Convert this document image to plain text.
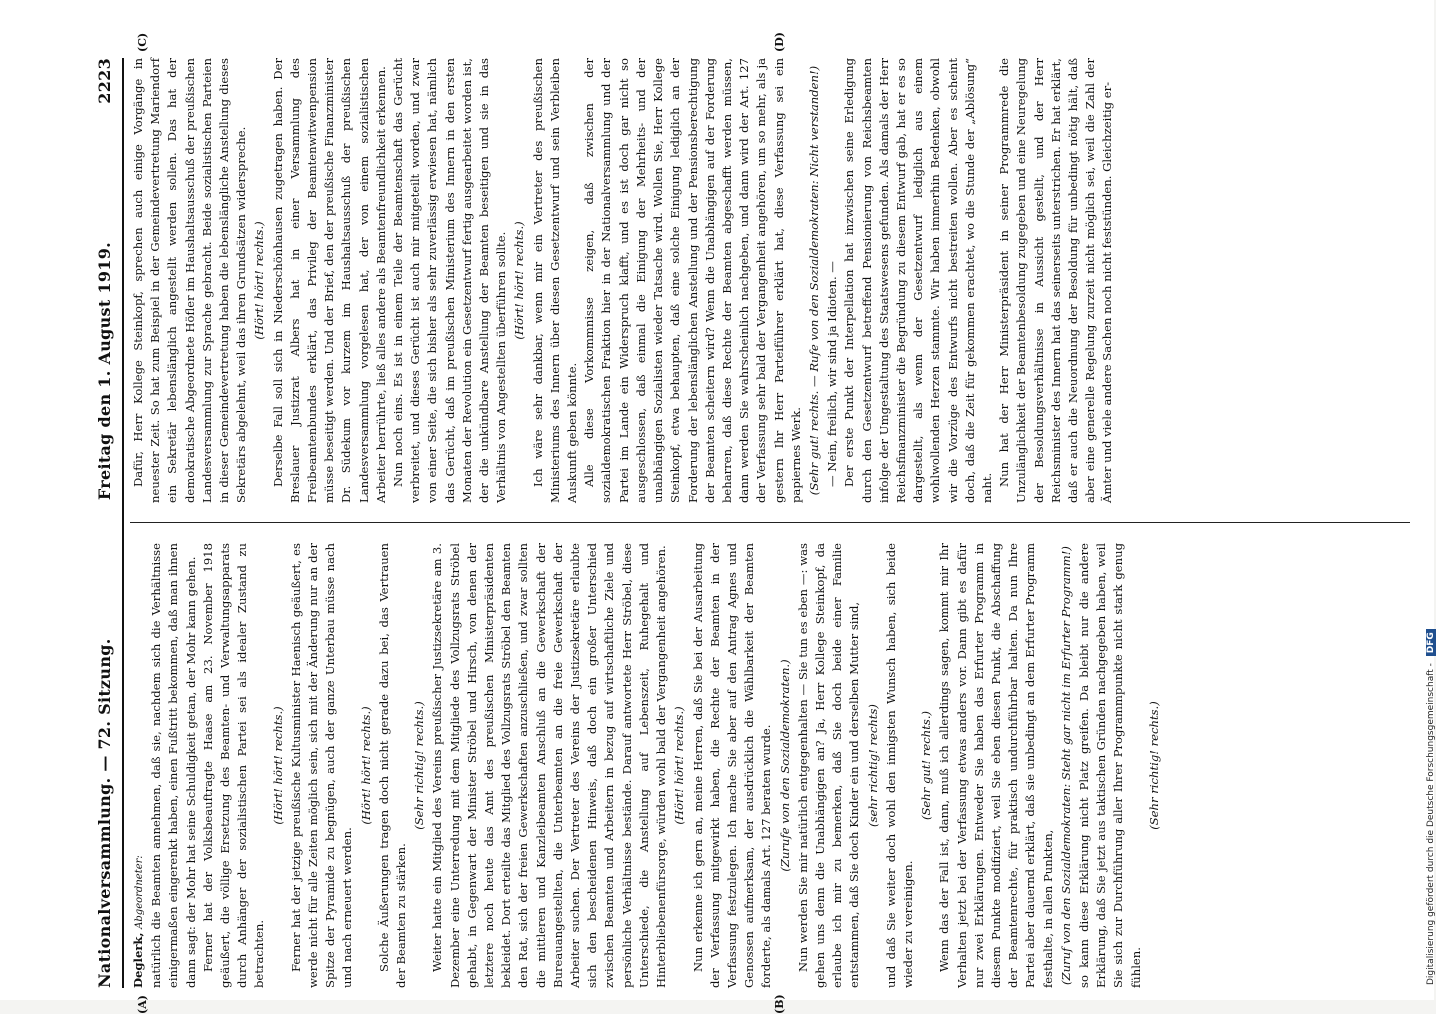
Nationalversammlung. — 72. Sitzung.
Freitag den 1. August 1919.
2223

Deglerk, Abgeordneter: natürlich die Beamten annehmen, daß sie, nachdem sich die Verhältnisse einigermaßen eingerenkt haben, einen Fußtritt bekommen, daß man ihnen dann sagt: der Mohr hat seine Schuldigkeit getan, der Mohr kann gehen. Ferner hat der Volksbeauftragte Haase am 23. November 1918 geäußert, die völlige Ersetzung des Beamten- und Verwaltungsapparats durch Anhänger der sozialistischen Partei sei als idealer Zustand zu betrachten.

(Hört! hört! rechts.) Ferner hat der jetzige preußische Kultusminister Haenisch geäußert, es werde nicht für alle Zeiten möglich sein, sich mit der Änderung nur an der Spitze der Pyramide zu begnügen, auch der ganze Unterbau müsse nach und nach erneuert werden.

(Hört! hört! rechts.) Solche Äußerungen tragen doch nicht gerade dazu bei, das Vertrauen der Beamten zu stärken.

(Sehr richtig! rechts.) Weiter hatte ein Mitglied des Vereins preußischer Justizsekretäre am 3. Dezember eine Unterredung mit dem Mitgliede des Vollzugsrats Ströbel gehabt, in Gegenwart der Minister Ströbel und Hirsch, von denen der letztere noch heute das Amt des preußischen Ministerpräsidenten bekleidet. Dort erteilte das Mitglied des Vollzugsrats Ströbel den Beamten den Rat, sich der freien Gewerkschaften anzuschließen, und zwar sollten die mittleren und Kanzleibeamten Anschluß an die Gewerkschaft der Bureauangestellten, die Unterbeamten an die freie Gewerkschaft der Arbeiter suchen. Der Vertreter des Vereins der Justizsekretäre erlaubte sich den bescheidenen Hinweis, daß doch ein großer Unterschied zwischen Beamten und Arbeitern in bezug auf wirtschaftliche Ziele und persönliche Verhältnisse bestände. Darauf antwortete Herr Ströbel, diese Unterschiede, die Anstellung auf Lebenszeit, Ruhegehalt und Hinterbliebenenfürsorge, würden wohl bald der Vergangenheit angehören. (Hört! hört! rechts.) Nun erkenne ich gern an, meine Herren, daß Sie bei der Ausarbeitung der Verfassung mitgewirkt haben, die Rechte der Beamten in der Verfassung festzulegen. Ich mache Sie aber auf den Antrag Agnes und Genossen aufmerksam, der ausdrücklich die Wählbarkeit der Beamten forderte, als damals Art. 127 beraten wurde. (Zurufe von den Sozialdemokraten.) Nun werden Sie mir natürlich entgegenhalten — Sie tun es eben —: was gehen uns denn die Unabhängigen an? Ja, Herr Kollege Steinkopf, da erlaube ich mir zu bemerken, daß Sie doch beide einer Familie entstammen, daß Sie doch Kinder ein und derselben Mutter sind, (sehr richtig! rechts) und daß Sie weiter doch wohl den innigsten Wunsch haben, sich beide wieder zu vereinigen.

(Sehr gut! rechts.) Wenn das der Fall ist, dann, muß ich allerdings sagen, kommt mir Ihr Verhalten jetzt bei der Verfassung etwas anders vor. Dann gibt es dafür nur zwei Erklärungen. Entweder Sie haben das Erfurter Programm in diesem Punkte modifiziert, weil Sie eben diesen Punkt, die Abschaffung der Beamtenrechte, für praktisch undurchführbar halten. Da nun Ihre Partei aber dauernd erklärt, daß sie unbedingt an dem Erfurter Programm festhalte, in allen Punkten, (Zuruf von den Sozialdemokraten: Steht gar nicht im Erfurter Programm!) so kann diese Erklärung nicht Platz greifen. Da bleibt nur die andere Erklärung, daß Sie jetzt aus taktischen Gründen nachgegeben haben, weil Sie sich zur Durchführung aller Ihrer Programmpunkte nicht stark genug fühlen.

(Sehr richtig! rechts.)

Dafür, Herr Kollege Steinkopf, sprechen auch einige Vorgänge in neuester Zeit. So hat zum Beispiel in der Gemeindevertretung Mariendorf ein Sekretär lebenslänglich angestellt werden sollen. Das hat der demokratische Abgeordnete Höfler im Haushaltsausschuß der preußischen Landesversammlung zur Sprache gebracht. Beide sozialistischen Parteien in dieser Gemeindevertretung haben die lebenslängliche Anstellung dieses Sekretärs abgelehnt, weil das ihren Grundsätzen widerspreche. (Hört! hört! rechts.) Derselbe Fall soll sich in Niederschönhausen zugetragen haben. Der Breslauer Justizrat Albers hat in einer Versammlung des Freibeamtenbundes erklärt, das Privileg der Beamtenwitwenpension müsse beseitigt werden. Und der Brief, den der preußische Finanzminister Dr. Südekum vor kurzem im Haushaltsausschuß der preußischen Landesversammlung vorgelesen hat, der von einem sozialistischen Arbeiter herrührte, ließ alles andere als Beamtenfreundlichkeit erkennen. Nun noch eins. Es ist in einem Teile der Beamtenschaft das Gerücht verbreitet, und dieses Gerücht ist auch mir mitgeteilt worden, und zwar von einer Seite, die sich bisher als sehr zuverlässig erwiesen hat, nämlich das Gerücht, daß im preußischen Ministerium des Innern in den ersten Monaten der Revolution ein Gesetzentwurf fertig ausgearbeitet worden ist, der die unkündbare Anstellung der Beamten beseitigen und sie in das Verhältnis von Angestellten überführen sollte. (Hört! hört! rechts.) Ich wäre sehr dankbar, wenn mir ein Vertreter des preußischen Ministeriums des Innern über diesen Gesetzentwurf und sein Verbleiben Auskunft geben könnte. Alle diese Vorkommnisse zeigen, daß zwischen der sozialdemokratischen Fraktion hier in der Nationalversammlung und der Partei im Lande ein Widerspruch klafft, und es ist doch gar nicht so ausgeschlossen, daß einmal die Einigung der Mehrheits- und der unabhängigen Sozialisten wieder Tatsache wird. Wollen Sie, Herr Kollege Steinkopf, etwa behaupten, daß eine solche Einigung lediglich an der Forderung der lebenslänglichen Anstellung und der Pensionsberechtigung der Beamten scheitern wird? Wenn die Unabhängigen auf der Forderung beharren, daß diese Rechte der Beamten abgeschafft werden müssen, dann werden Sie wahrscheinlich nachgeben, und dann wird der Art. 127 der Verfassung sehr bald der Vergangenheit angehören, um so mehr, als ja gestern Ihr Herr Parteiführer erklärt hat, diese Verfassung sei ein papiernes Werk. (Sehr gut! rechts. — Rufe von den Sozialdemokraten: Nicht verstanden!) — Nein, freilich, wir sind ja Idioten. — Der erste Punkt der Interpellation hat inzwischen seine Erledigung durch den Gesetzentwurf betreffend Pensionierung von Reichsbeamten infolge der Umgestaltung des Staatswesens gefunden. Als damals der Herr Reichsfinanzminister die Begründung zu diesem Entwurf gab, hat er es so dargestellt, als wenn der Gesetzentwurf lediglich aus einem wohlwollenden Herzen stammte. Wir haben immerhin Bedenken, obwohl wir die Vorzüge des Entwurfs nicht bestreiten wollen. Aber es scheint doch, daß die Zeit für gekommen erachtet, wo die Stunde der „Ablösung“ naht.

Nun hat der Herr Ministerpräsident in seiner Programmrede die Unzulänglichkeit der Beamtenbesoldung zugegeben und eine Neuregelung der Besoldungsverhältnisse in Aussicht gestellt, und der Herr Reichsminister des Innern hat das seinerseits unterstrichen. Er hat erklärt, daß er auch die Neuordnung der Besoldung für unbedingt nötig hält, daß aber eine generelle Regelung zurzeit nicht möglich sei, weil die Zahl der Ämter und viele andere Sachen noch nicht feststünden. Gleichzeitig er-

(A)	(B)
(C)	(D)
Digitalisierung gefördert durch die Deutsche Forschungsgemeinschaft - DFG
